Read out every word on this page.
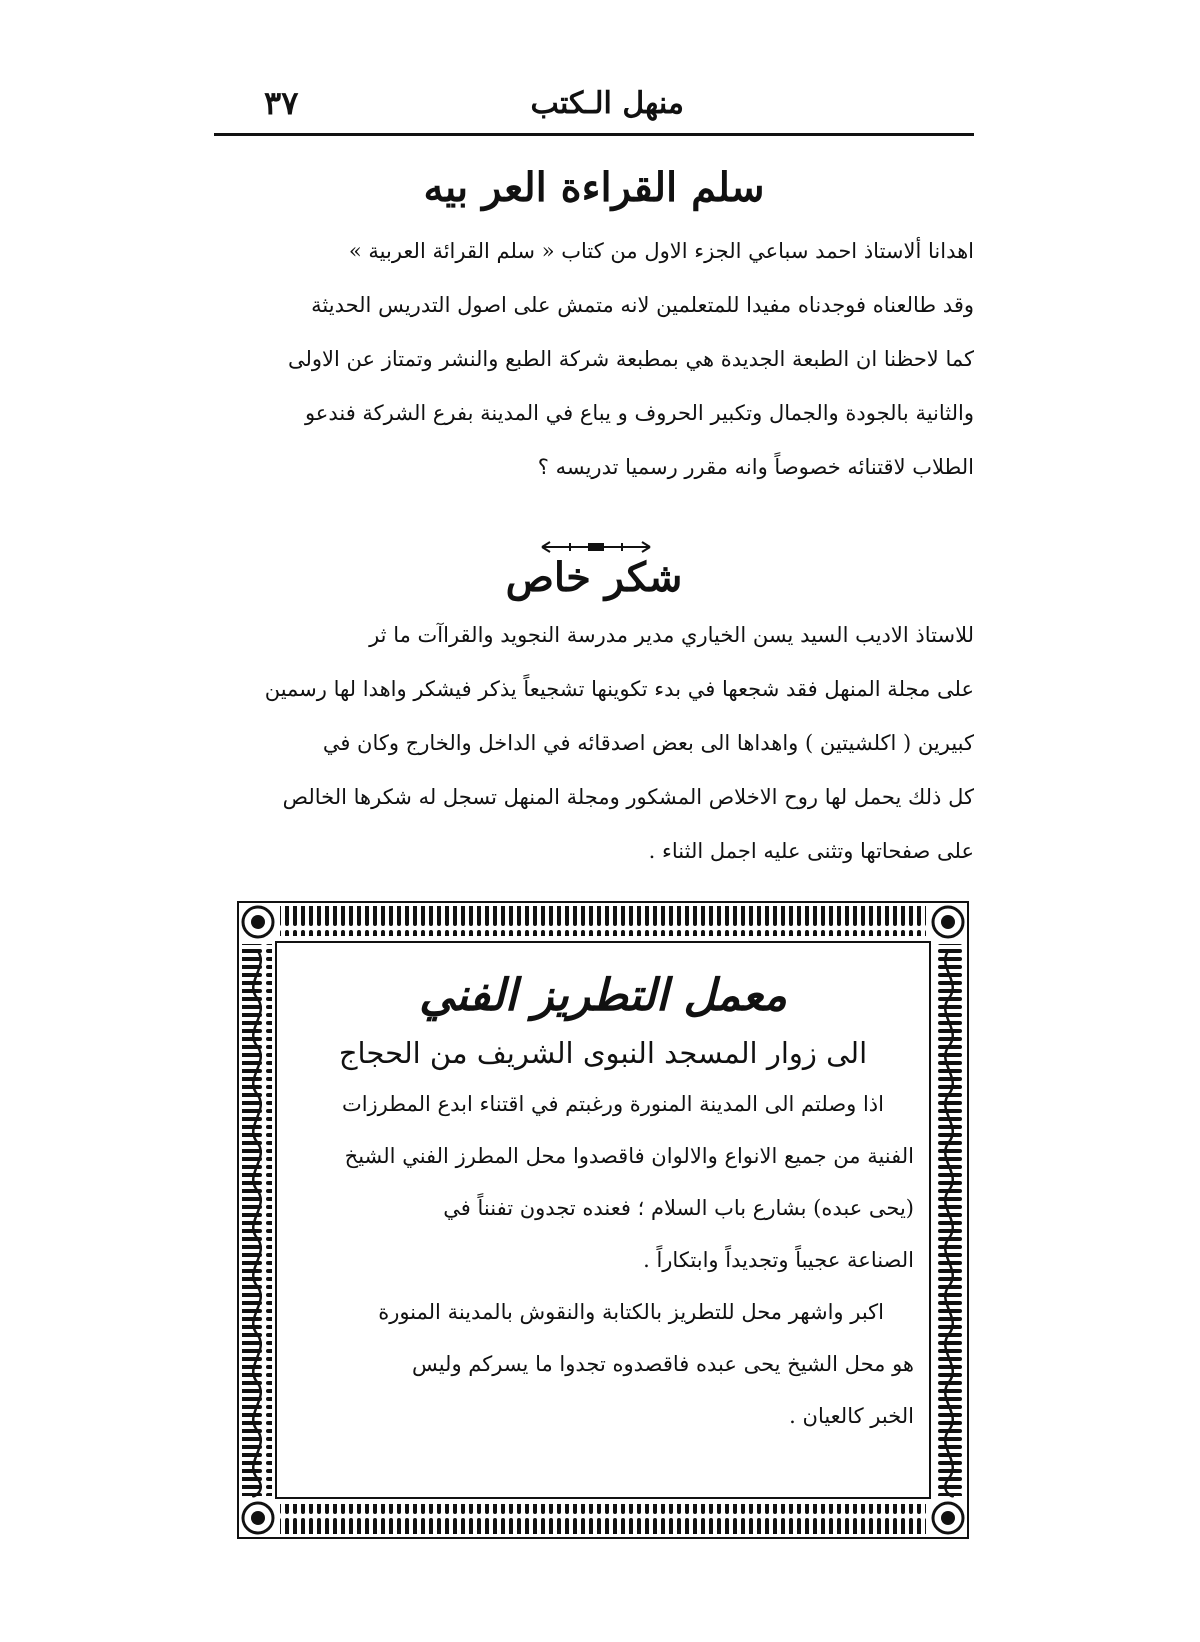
منهل الـكتب
٣٧
سلم القراءة العر بيه

اهدانا ألاستاذ احمد سباعي الجزء الاول من كتاب « سلم القرائة العربية »

وقد طالعناه فوجدناه مفيدا للمتعلمين لانه متمش على اصول التدريس الحديثة

كما لاحظنا ان الطبعة الجديدة هي بمطبعة شركة الطبع والنشر وتمتاز عن الاولى

والثانية بالجودة والجمال وتكبير الحروف و يباع في المدينة بفرع الشركة فندعو

الطلاب لاقتنائه خصوصاً وانه مقرر رسميا تدريسه ؟

شكر خاص

للاستاذ الاديب السيد يسن الخياري مدير مدرسة النجويد والقراآت ما ثر

على مجلة المنهل فقد شجعها في بدء تكوينها تشجيعاً يذكر فيشكر واهدا لها رسمين

كبيرين ( اكلشيتين ) واهداها الى بعض اصدقائه في الداخل والخارج وكان في

كل ذلك يحمل لها روح الاخلاص المشكور ومجلة المنهل تسجل له شكرها الخالص

على صفحاتها وتثنى عليه اجمل الثناء .

معمل التطريز الفني

الى زوار المسجد النبوى الشريف من الحجاج

اذا وصلتم الى المدينة المنورة ورغبتم في اقتناء ابدع المطرزات

الفنية من جميع الانواع والالوان فاقصدوا محل المطرز الفني الشيخ

(يحى عبده) بشارع باب السلام ؛ فعنده تجدون تفنناً في

الصناعة عجيباً وتجديداً وابتكاراً .

اكبر واشهر محل للتطريز بالكتابة والنقوش بالمدينة المنورة

هو محل الشيخ يحى عبده فاقصدوه تجدوا ما يسركم وليس

الخبر كالعيان .
